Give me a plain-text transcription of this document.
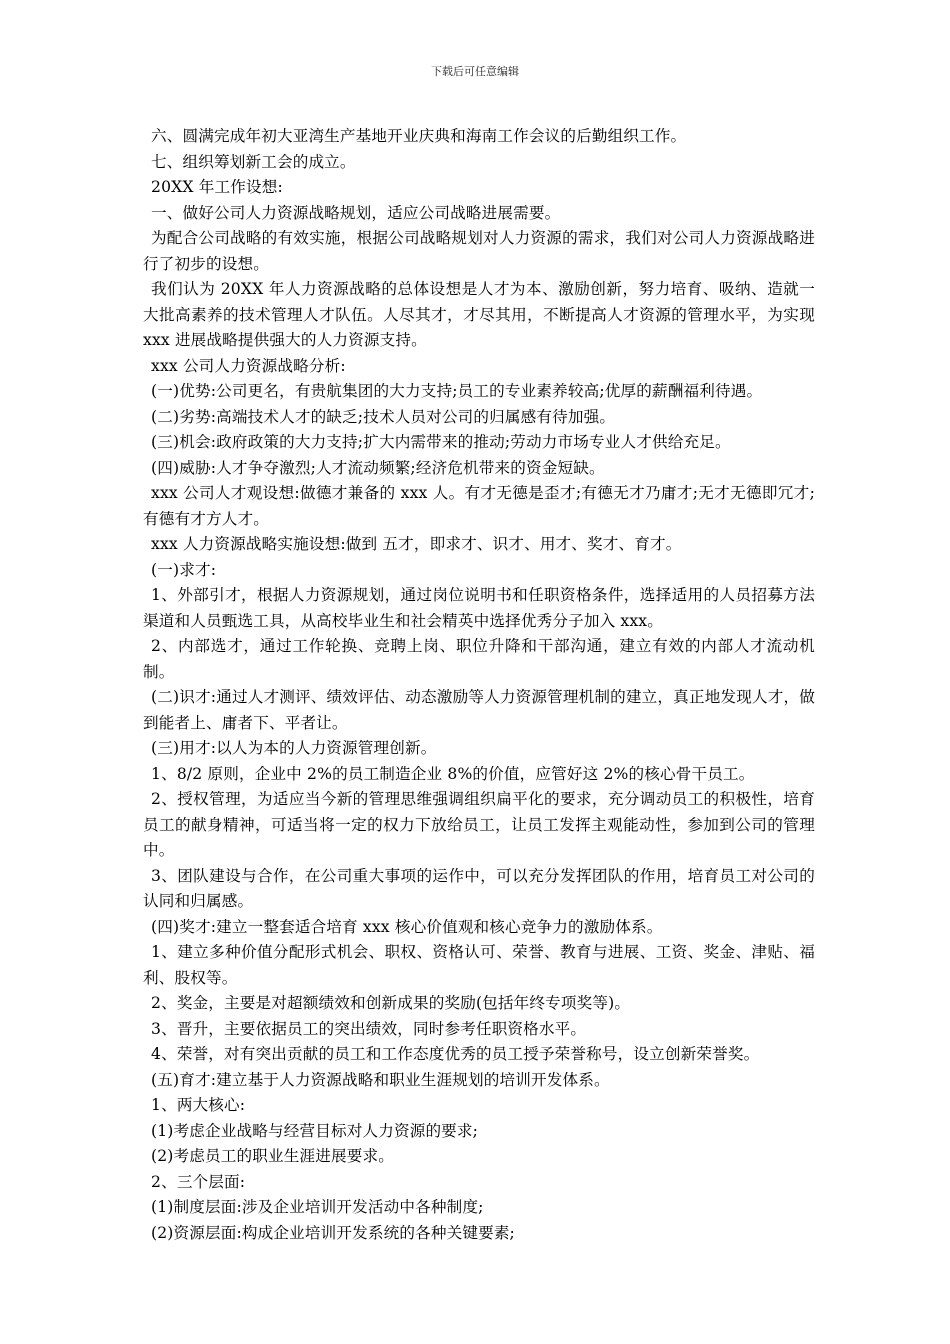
下载后可任意编辑

六、圆满完成年初大亚湾生产基地开业庆典和海南工作会议的后勤组织工作。

七、组织筹划新工会的成立。

20XX 年工作设想:

一、做好公司人力资源战略规划，适应公司战略进展需要。

为配合公司战略的有效实施，根据公司战略规划对人力资源的需求，我们对公司人力资源战略进行了初步的设想。

我们认为 20XX 年人力资源战略的总体设想是人才为本、激励创新，努力培育、吸纳、造就一大批高素养的技术管理人才队伍。人尽其才，才尽其用，不断提高人才资源的管理水平，为实现 xxx 进展战略提供强大的人力资源支持。

xxx 公司人力资源战略分析:

(一)优势:公司更名，有贵航集团的大力支持;员工的专业素养较高;优厚的薪酬福利待遇。

(二)劣势:高端技术人才的缺乏;技术人员对公司的归属感有待加强。

(三)机会:政府政策的大力支持;扩大内需带来的推动;劳动力市场专业人才供给充足。

(四)威胁:人才争夺激烈;人才流动频繁;经济危机带来的资金短缺。

xxx 公司人才观设想:做德才兼备的 xxx 人。有才无德是歪才;有德无才乃庸才;无才无德即冗才;有德有才方人才。

xxx 人力资源战略实施设想:做到 五才，即求才、识才、用才、奖才、育才。

(一)求才:

1、外部引才，根据人力资源规划，通过岗位说明书和任职资格条件，选择适用的人员招募方法渠道和人员甄选工具，从高校毕业生和社会精英中选择优秀分子加入 xxx。

2、内部选才，通过工作轮换、竞聘上岗、职位升降和干部沟通，建立有效的内部人才流动机制。

(二)识才:通过人才测评、绩效评估、动态激励等人力资源管理机制的建立，真正地发现人才，做到能者上、庸者下、平者让。

(三)用才:以人为本的人力资源管理创新。

1、8/2 原则，企业中 2%的员工制造企业 8%的价值，应管好这 2%的核心骨干员工。

2、授权管理，为适应当今新的管理思维强调组织扁平化的要求，充分调动员工的积极性，培育员工的献身精神，可适当将一定的权力下放给员工，让员工发挥主观能动性，参加到公司的管理中。

3、团队建设与合作，在公司重大事项的运作中，可以充分发挥团队的作用，培育员工对公司的认同和归属感。

(四)奖才:建立一整套适合培育 xxx 核心价值观和核心竞争力的激励体系。

1、建立多种价值分配形式机会、职权、资格认可、荣誉、教育与进展、工资、奖金、津贴、福利、股权等。

2、奖金，主要是对超额绩效和创新成果的奖励(包括年终专项奖等)。

3、晋升，主要依据员工的突出绩效，同时参考任职资格水平。

4、荣誉，对有突出贡献的员工和工作态度优秀的员工授予荣誉称号，设立创新荣誉奖。

(五)育才:建立基于人力资源战略和职业生涯规划的培训开发体系。

1、两大核心:

(1)考虑企业战略与经营目标对人力资源的要求;

(2)考虑员工的职业生涯进展要求。

2、三个层面:

(1)制度层面:涉及企业培训开发活动中各种制度;

(2)资源层面:构成企业培训开发系统的各种关键要素;
